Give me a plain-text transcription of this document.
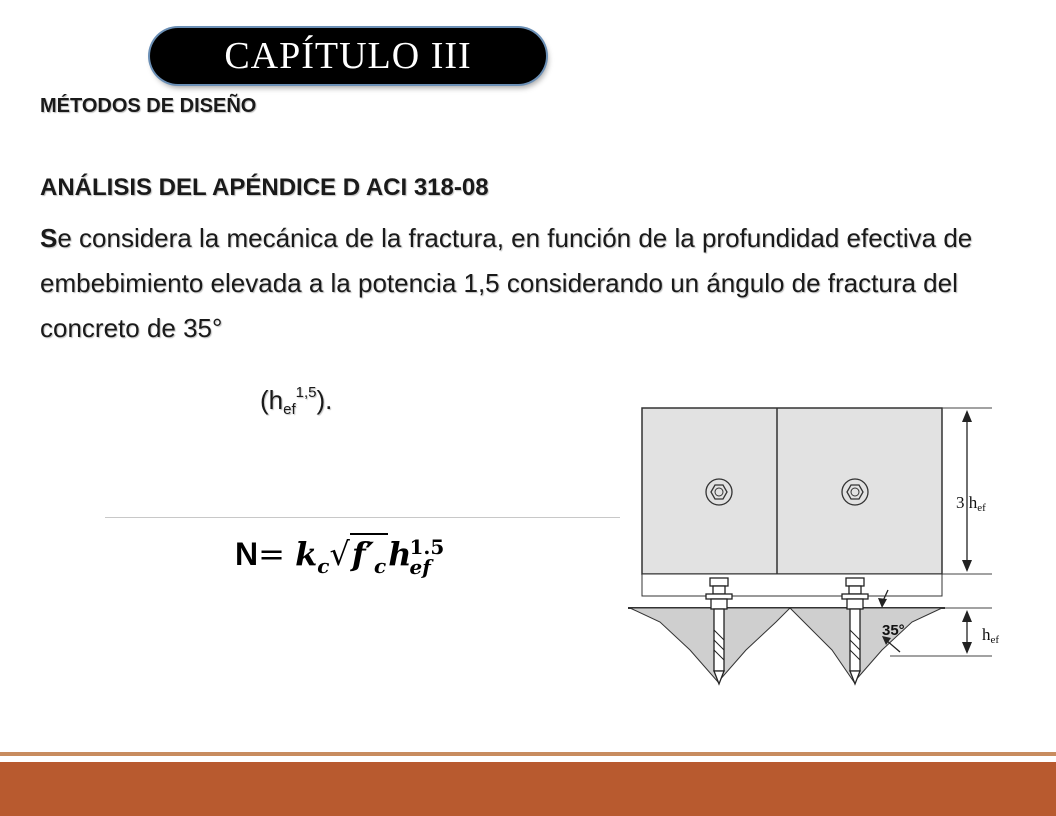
CAPÍTULO III
MÉTODOS DE DISEÑO
ANÁLISIS DEL APÉNDICE D ACI 318-08
Se considera la mecánica de la fractura, en función de la profundidad efectiva de embebimiento elevada a la potencia 1,5 considerando un ángulo de fractura del concreto de 35°
$(h_{ef}^{1,5})$.
$N= k_c√f'_ch$
1.5
ef
35°
3 hef
hef
